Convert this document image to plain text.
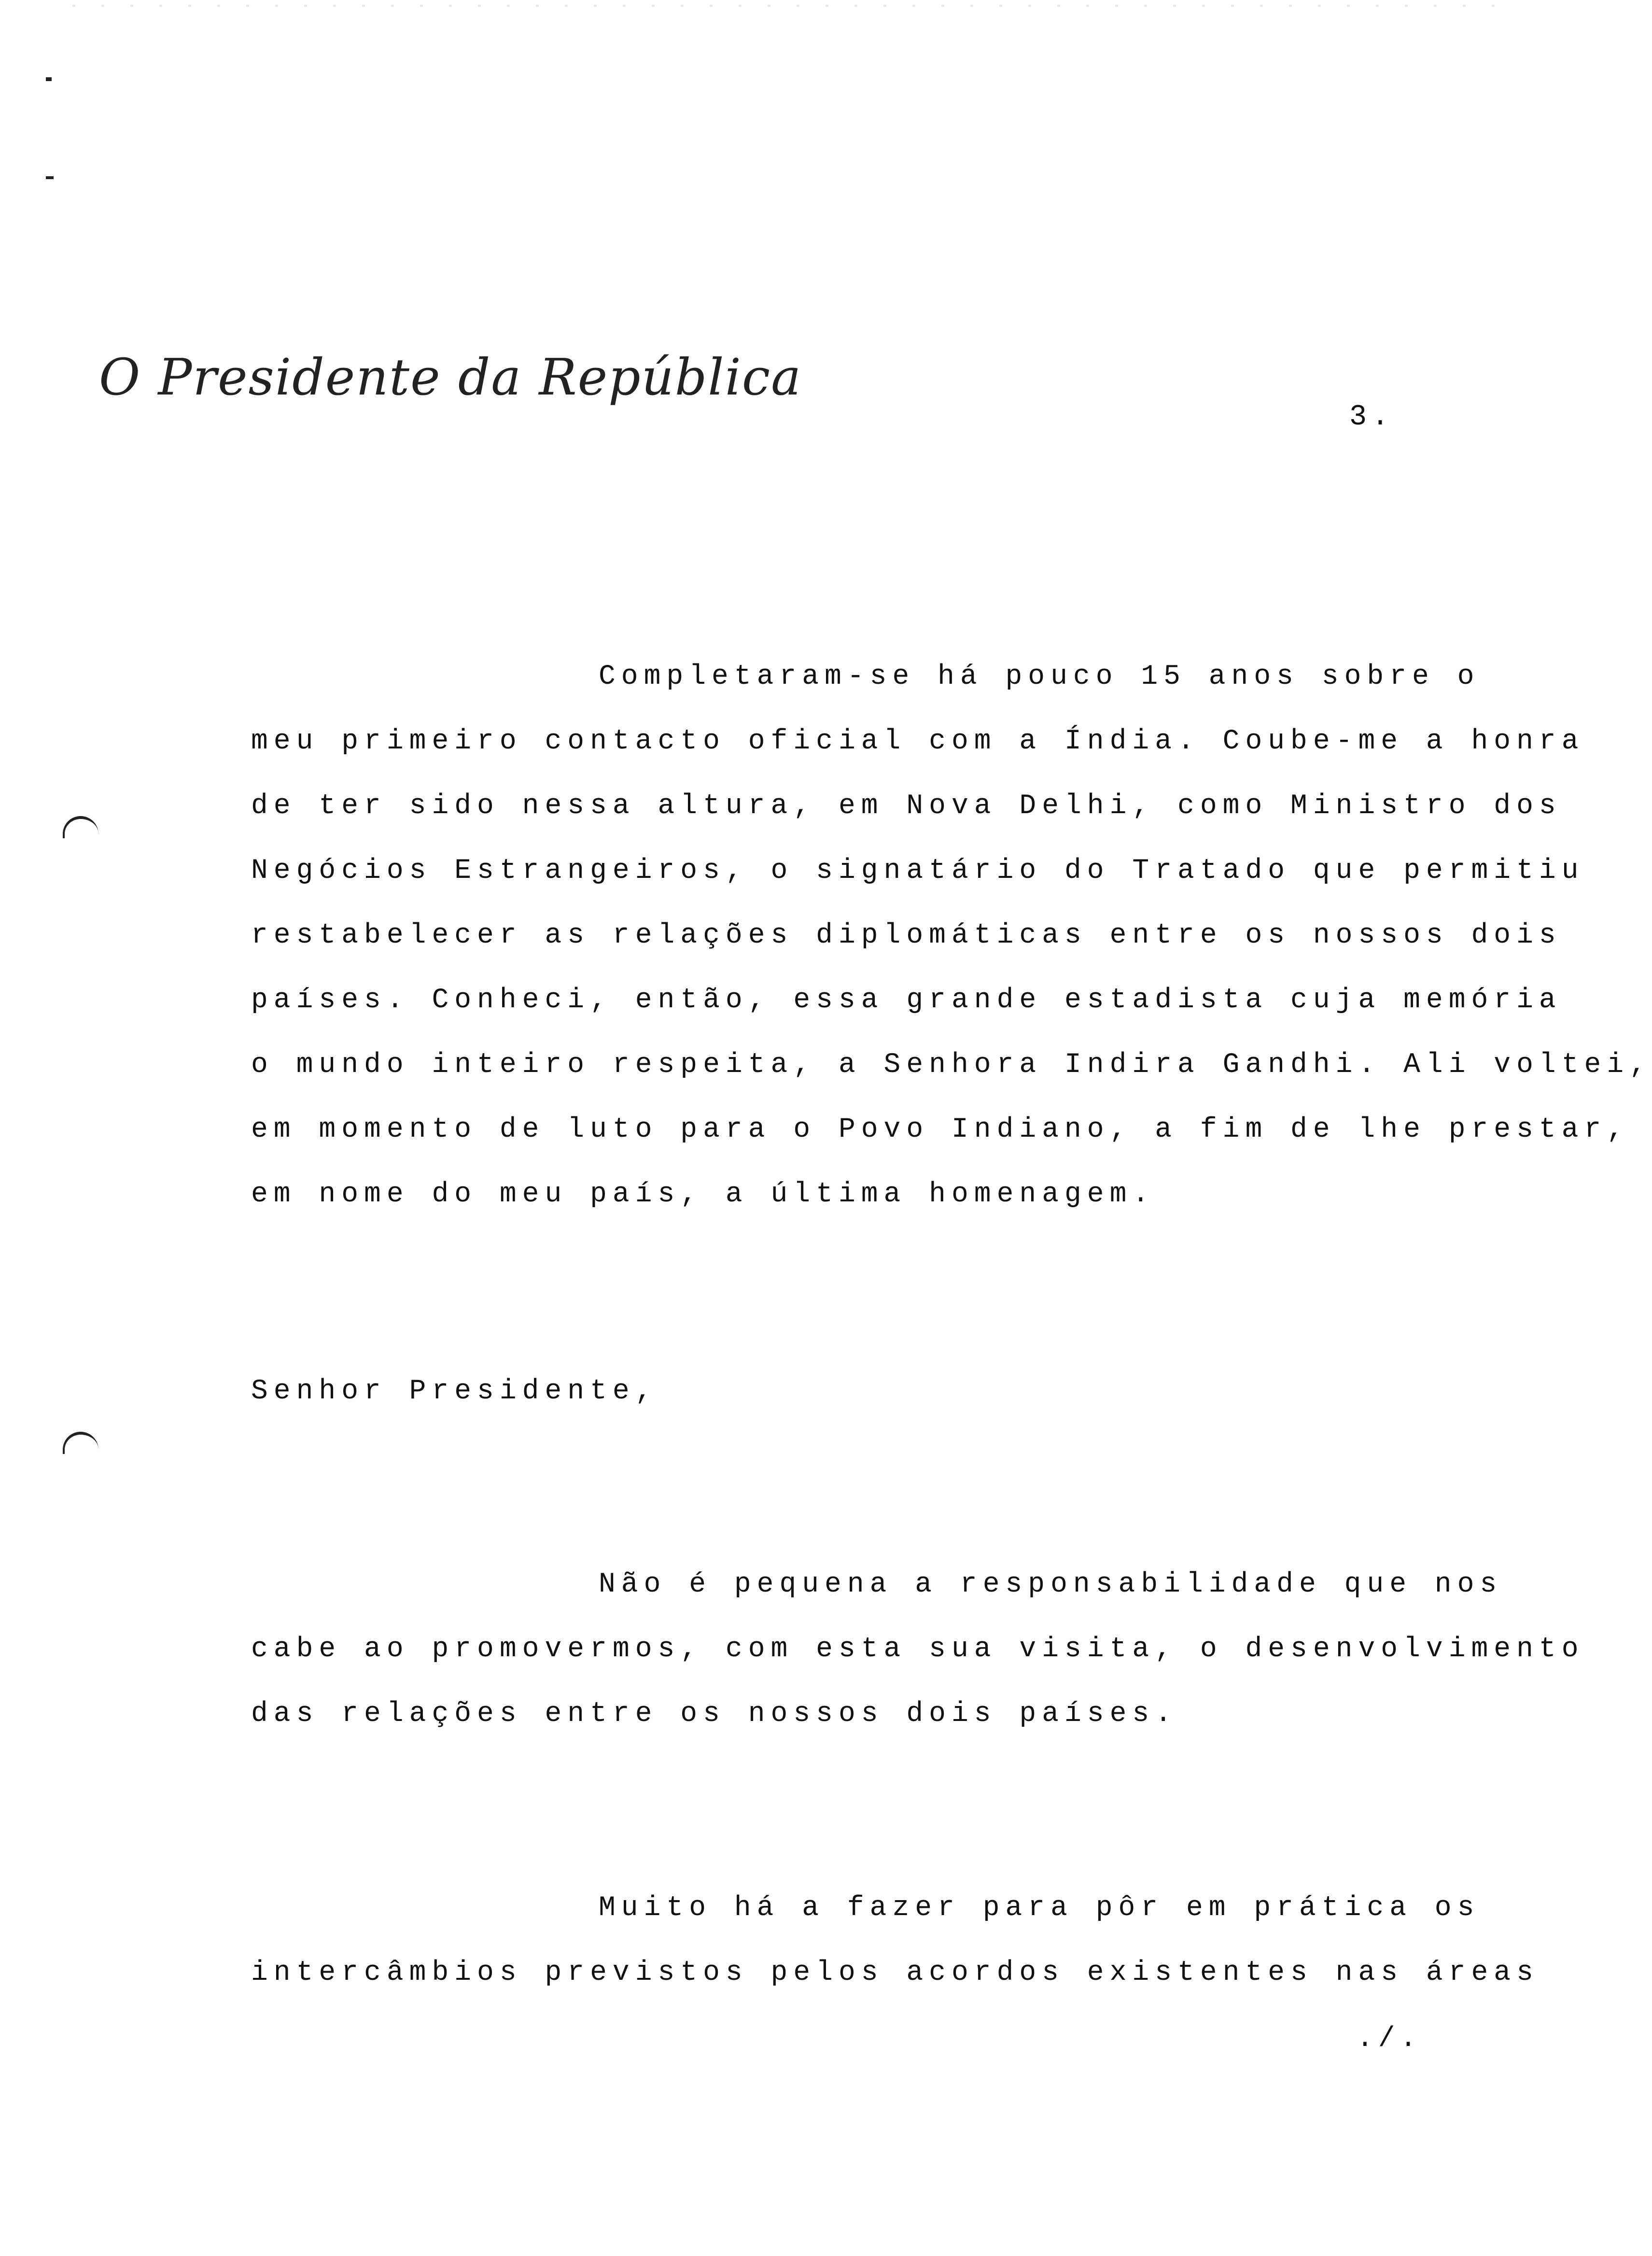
O Presidente da República
3.
Completaram-se há pouco 15 anos sobre o
meu primeiro contacto oficial com a Índia. Coube-me a honra
de ter sido nessa altura, em Nova Delhi, como Ministro dos
Negócios Estrangeiros, o signatário do Tratado que permitiu
restabelecer as relações diplomáticas entre os nossos dois
países. Conheci, então, essa grande estadista cuja memória
o mundo inteiro respeita, a Senhora Indira Gandhi. Ali voltei,
em momento de luto para o Povo Indiano, a fim de lhe prestar,
em nome do meu país, a última homenagem.
Senhor Presidente,
Não é pequena a responsabilidade que nos
cabe ao promovermos, com esta sua visita, o desenvolvimento
das relações entre os nossos dois países.
Muito há a fazer para pôr em prática os
intercâmbios previstos pelos acordos existentes nas áreas
./.
